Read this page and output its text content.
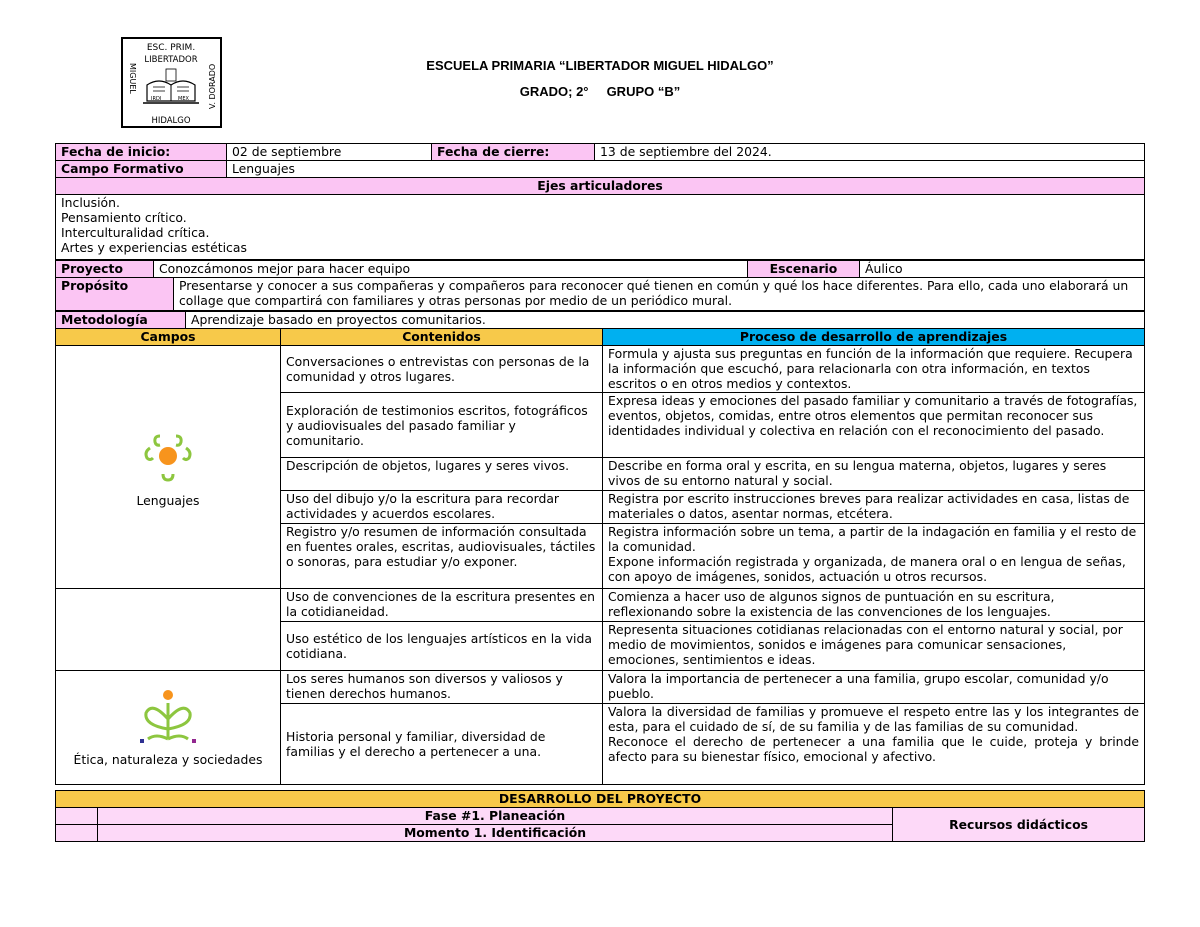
ESC. PRIM.
LIBERTADOR
MIGUEL	V. DORADO
HIDALGO
IRDI	MEX
ESCUELA PRIMARIA “LIBERTADOR MIGUEL HIDALGO”
GRADO; 2°     GRUPO “B”
Fecha de inicio:	02 de septiembre	Fecha de cierre:	13 de septiembre del 2024.
Campo Formativo	Lenguajes		
Ejes articuladores			

Inclusión.
Pensamiento crítico.
Interculturalidad crítica.
Artes y experiencias estéticas			
Proyecto	Conozcámonos mejor para hacer equipo	Escenario	Áulico
Propósito	Presentarse y conocer a sus compañeras y compañeros para reconocer qué tienen en común y qué los hace diferentes. Para ello, cada uno elaborará un collage que compartirá con familiares y otras personas por medio de un periódico mural.
Metodología	Aprendizaje basado en proyectos comunitarios.
Campos	Contenidos	Proceso de desarrollo de aprendizajes

Lenguajes	Conversaciones o entrevistas con personas de la comunidad y otros lugares.	Formula y ajusta sus preguntas en función de la información que requiere. Recupera la información que escuchó, para relacionarla con otra información, en textos escritos o en otros medios y contextos.
	Exploración de testimonios escritos, fotográficos y audiovisuales del pasado familiar y comunitario.	Expresa ideas y emociones del pasado familiar y comunitario a través de fotografías, eventos, objetos, comidas, entre otros elementos que permitan reconocer sus identidades individual y colectiva en relación con el reconocimiento del pasado.
	Descripción de objetos, lugares y seres vivos.	Describe en forma oral y escrita, en su lengua materna, objetos, lugares y seres vivos de su entorno natural y social.
	Uso del dibujo y/o la escritura para recordar actividades y acuerdos escolares.	Registra por escrito instrucciones breves para realizar actividades en casa, listas de materiales o datos, asentar normas, etcétera.
	Registro y/o resumen de información consultada en fuentes orales, escritas, audiovisuales, táctiles o sonoras, para estudiar y/o exponer.	Registra información sobre un tema, a partir de la indagación en familia y el resto de la comunidad.
Expone información registrada y organizada, de manera oral o en lengua de señas, con apoyo de imágenes, sonidos, actuación u otros recursos.

	Uso de convenciones de la escritura presentes en la cotidianeidad.	Comienza a hacer uso de algunos signos de puntuación en su escritura, reflexionando sobre la existencia de las convenciones de los lenguajes.
	Uso estético de los lenguajes artísticos en la vida cotidiana.	Representa situaciones cotidianas relacionadas con el entorno natural y social, por medio de movimientos, sonidos e imágenes para comunicar sensaciones, emociones, sentimientos e ideas.

Ética, naturaleza y sociedades	Los seres humanos son diversos y valiosos y tienen derechos humanos.	Valora la importancia de pertenecer a una familia, grupo escolar, comunidad y/o pueblo.
	Historia personal y familiar, diversidad de familias y el derecho a pertenecer a una.	Valora la diversidad de familias y promueve el respeto entre las y los integrantes de esta, para el cuidado de sí, de su familia y de las familias de su comunidad.
Reconoce el derecho de pertenecer a una familia que le cuide, proteja y brinde afecto para su bienestar físico, emocional y afectivo.
DESARROLLO DEL PROYECTO		
	Fase #1. Planeación	Recursos didácticos
	Momento 1. Identificación	
